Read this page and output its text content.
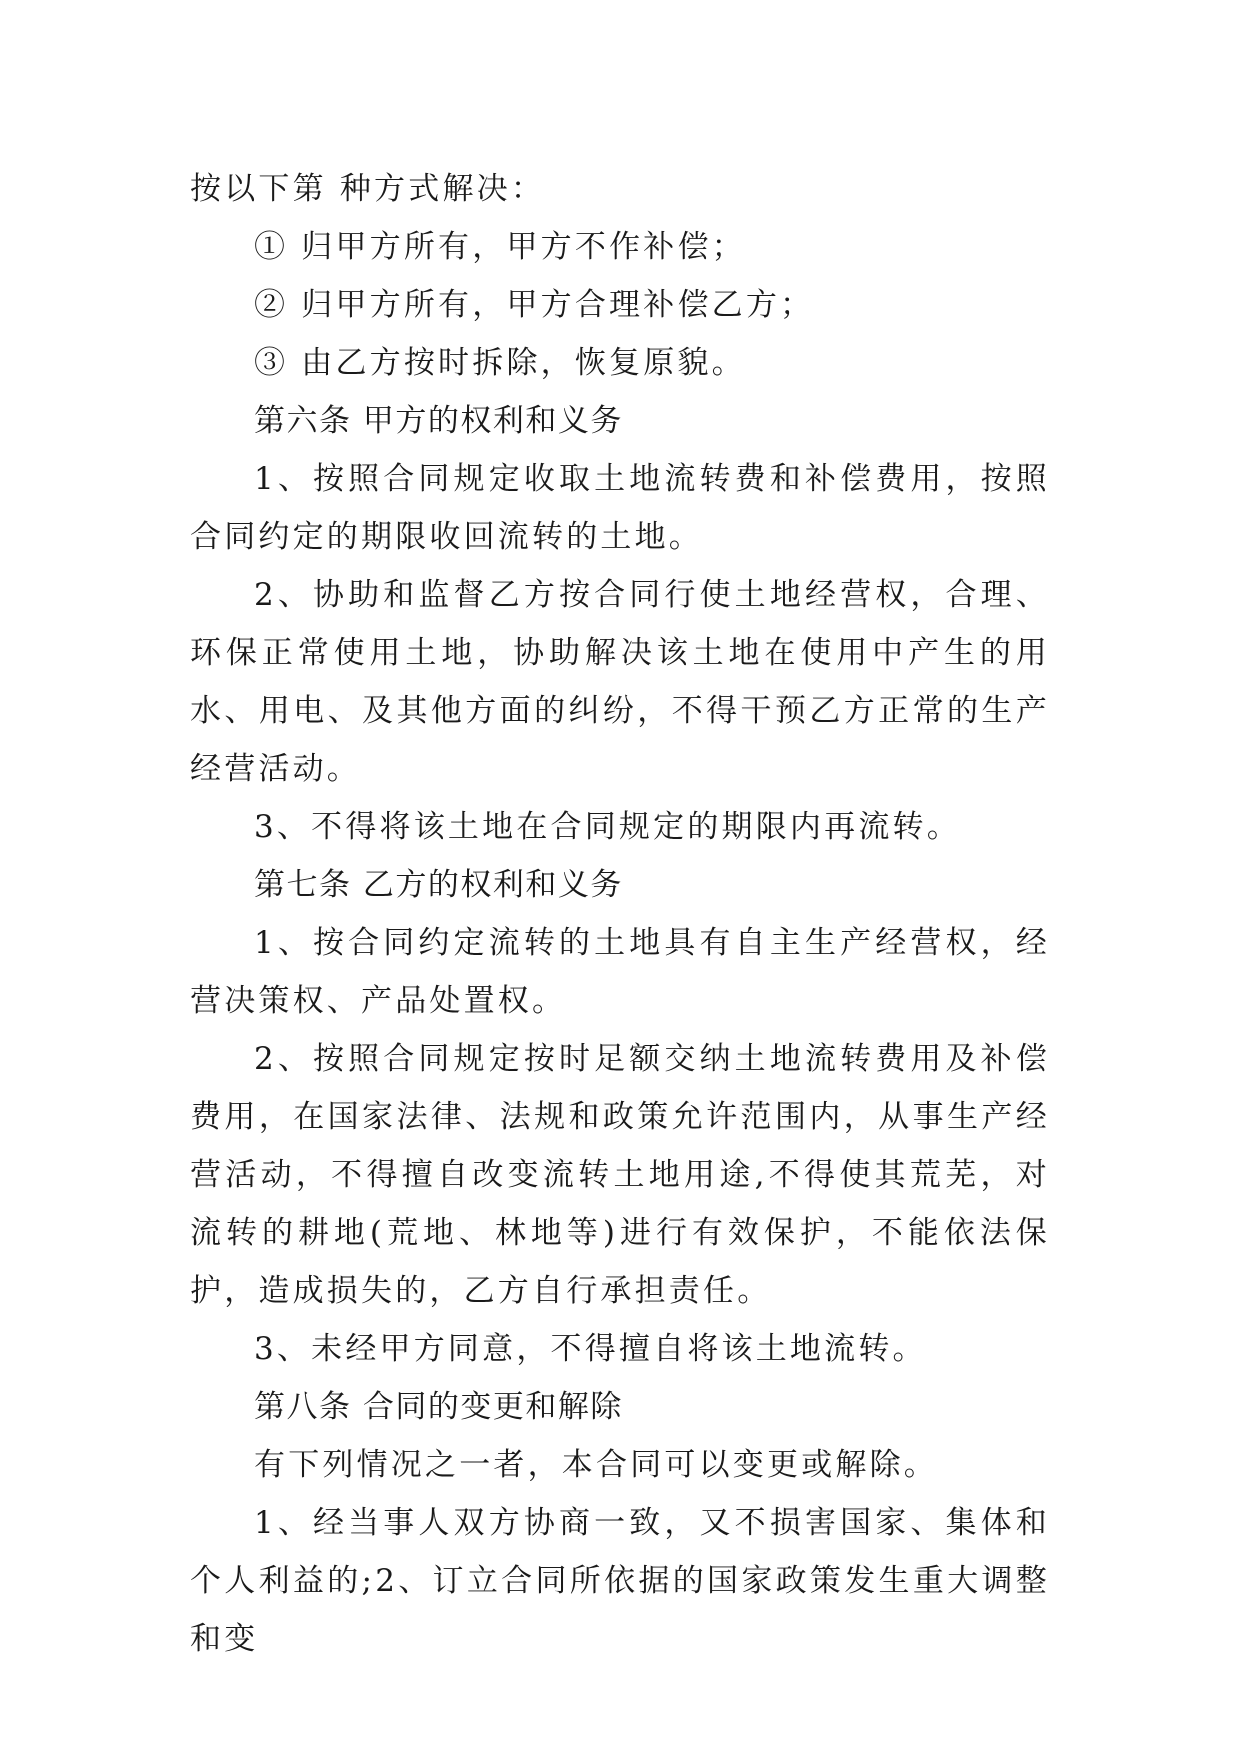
按以下第 种方式解决：

① 归甲方所有，甲方不作补偿；

② 归甲方所有，甲方合理补偿乙方；

③ 由乙方按时拆除，恢复原貌。

第六条 甲方的权利和义务

1、按照合同规定收取土地流转费和补偿费用，按照合同约定的期限收回流转的土地。

2、协助和监督乙方按合同行使土地经营权，合理、环保正常使用土地，协助解决该土地在使用中产生的用水、用电、及其他方面的纠纷，不得干预乙方正常的生产经营活动。

3、不得将该土地在合同规定的期限内再流转。

第七条 乙方的权利和义务

1、按合同约定流转的土地具有自主生产经营权，经营决策权、产品处置权。

2、按照合同规定按时足额交纳土地流转费用及补偿费用，在国家法律、法规和政策允许范围内，从事生产经营活动，不得擅自改变流转土地用途,不得使其荒芜，对流转的耕地(荒地、林地等)进行有效保护，不能依法保护，造成损失的，乙方自行承担责任。

3、未经甲方同意，不得擅自将该土地流转。

第八条 合同的变更和解除

有下列情况之一者，本合同可以变更或解除。

1、经当事人双方协商一致，又不损害国家、集体和个人利益的;2、订立合同所依据的国家政策发生重大调整和变
